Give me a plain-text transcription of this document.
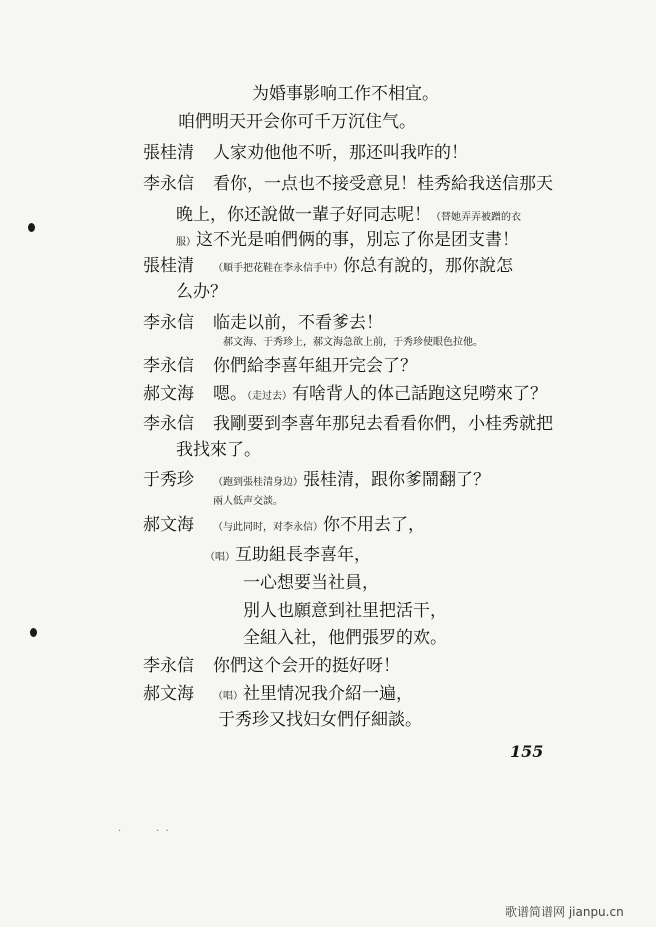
为婚事影响工作不相宜。
咱們明天开会你可千万沉住气。
張桂清 人家劝他他不听，那还叫我咋的！
李永信 看你，一点也不接受意見！桂秀給我送信那天
晚上，你还說做一輩子好同志呢！（替她弄弄被蹭的衣
服）这不光是咱們俩的事，別忘了你是团支書！
張桂清 （順手把花鞋在李永信手中）你总有說的，那你說怎
么办？
李永信 临走以前，不看爹去！
郝文海、于秀珍上，郝文海急欲上前，于秀珍使眼色拉他。
李永信 你們給李喜年組开完会了？
郝文海 嗯。（走过去）有啥背人的体己話跑这兒嘮來了？
李永信 我剛要到李喜年那兒去看看你們，小桂秀就把
我找來了。
于秀珍 （跑到張桂清身边）張桂清，跟你爹鬧翻了？
兩人低声交談。
郝文海 （与此同时，对李永信）你不用去了，
（唱）互助組長李喜年，
一心想要当社員，
別人也願意到社里把活干，
全組入社，他們張罗的欢。
李永信 你們这个会开的挺好呀！
郝文海 （唱）社里情况我介紹一遍，
于秀珍又找妇女們仔細談。
155
·           ·  ·
歌谱简谱网 jianpu.cn
